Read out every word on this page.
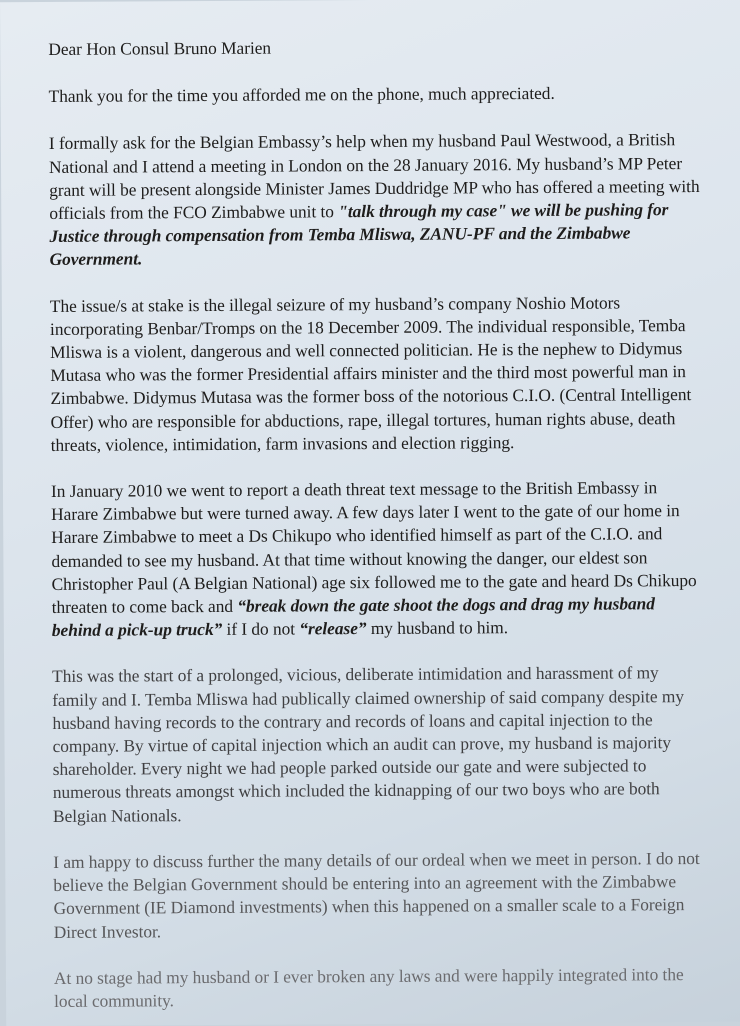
Dear Hon Consul Bruno Marien

Thank you for the time you afforded me on the phone, much appreciated.

I formally ask for the Belgian Embassy’s help when my husband Paul Westwood, a British National and I attend a meeting in London on the 28 January 2016. My husband’s MP Peter grant will be present alongside Minister James Duddridge MP who has offered a meeting with officials from the FCO Zimbabwe unit to "talk through my case" we will be pushing for Justice through compensation from Temba Mliswa, ZANU-PF and the Zimbabwe Government.

The issue/s at stake is the illegal seizure of my husband’s company Noshio Motors incorporating Benbar/Tromps on the 18 December 2009. The individual responsible, Temba Mliswa is a violent, dangerous and well connected politician. He is the nephew to Didymus Mutasa who was the former Presidential affairs minister and the third most powerful man in Zimbabwe. Didymus Mutasa was the former boss of the notorious C.I.O. (Central Intelligent Offer) who are responsible for abductions, rape, illegal tortures, human rights abuse, death threats, violence, intimidation, farm invasions and election rigging.

In January 2010 we went to report a death threat text message to the British Embassy in Harare Zimbabwe but were turned away. A few days later I went to the gate of our home in Harare Zimbabwe to meet a Ds Chikupo who identified himself as part of the C.I.O. and demanded to see my husband. At that time without knowing the danger, our eldest son Christopher Paul (A Belgian National) age six followed me to the gate and heard Ds Chikupo threaten to come back and “break down the gate shoot the dogs and drag my husband behind a pick-up truck” if I do not “release” my husband to him.

This was the start of a prolonged, vicious, deliberate intimidation and harassment of my family and I. Temba Mliswa had publically claimed ownership of said company despite my husband having records to the contrary and records of loans and capital injection to the company. By virtue of capital injection which an audit can prove, my husband is majority shareholder. Every night we had people parked outside our gate and were subjected to numerous threats amongst which included the kidnapping of our two boys who are both Belgian Nationals.

I am happy to discuss further the many details of our ordeal when we meet in person. I do not believe the Belgian Government should be entering into an agreement with the Zimbabwe Government (IE Diamond investments) when this happened on a smaller scale to a Foreign Direct Investor.

At no stage had my husband or I ever broken any laws and were happily integrated into the local community.
